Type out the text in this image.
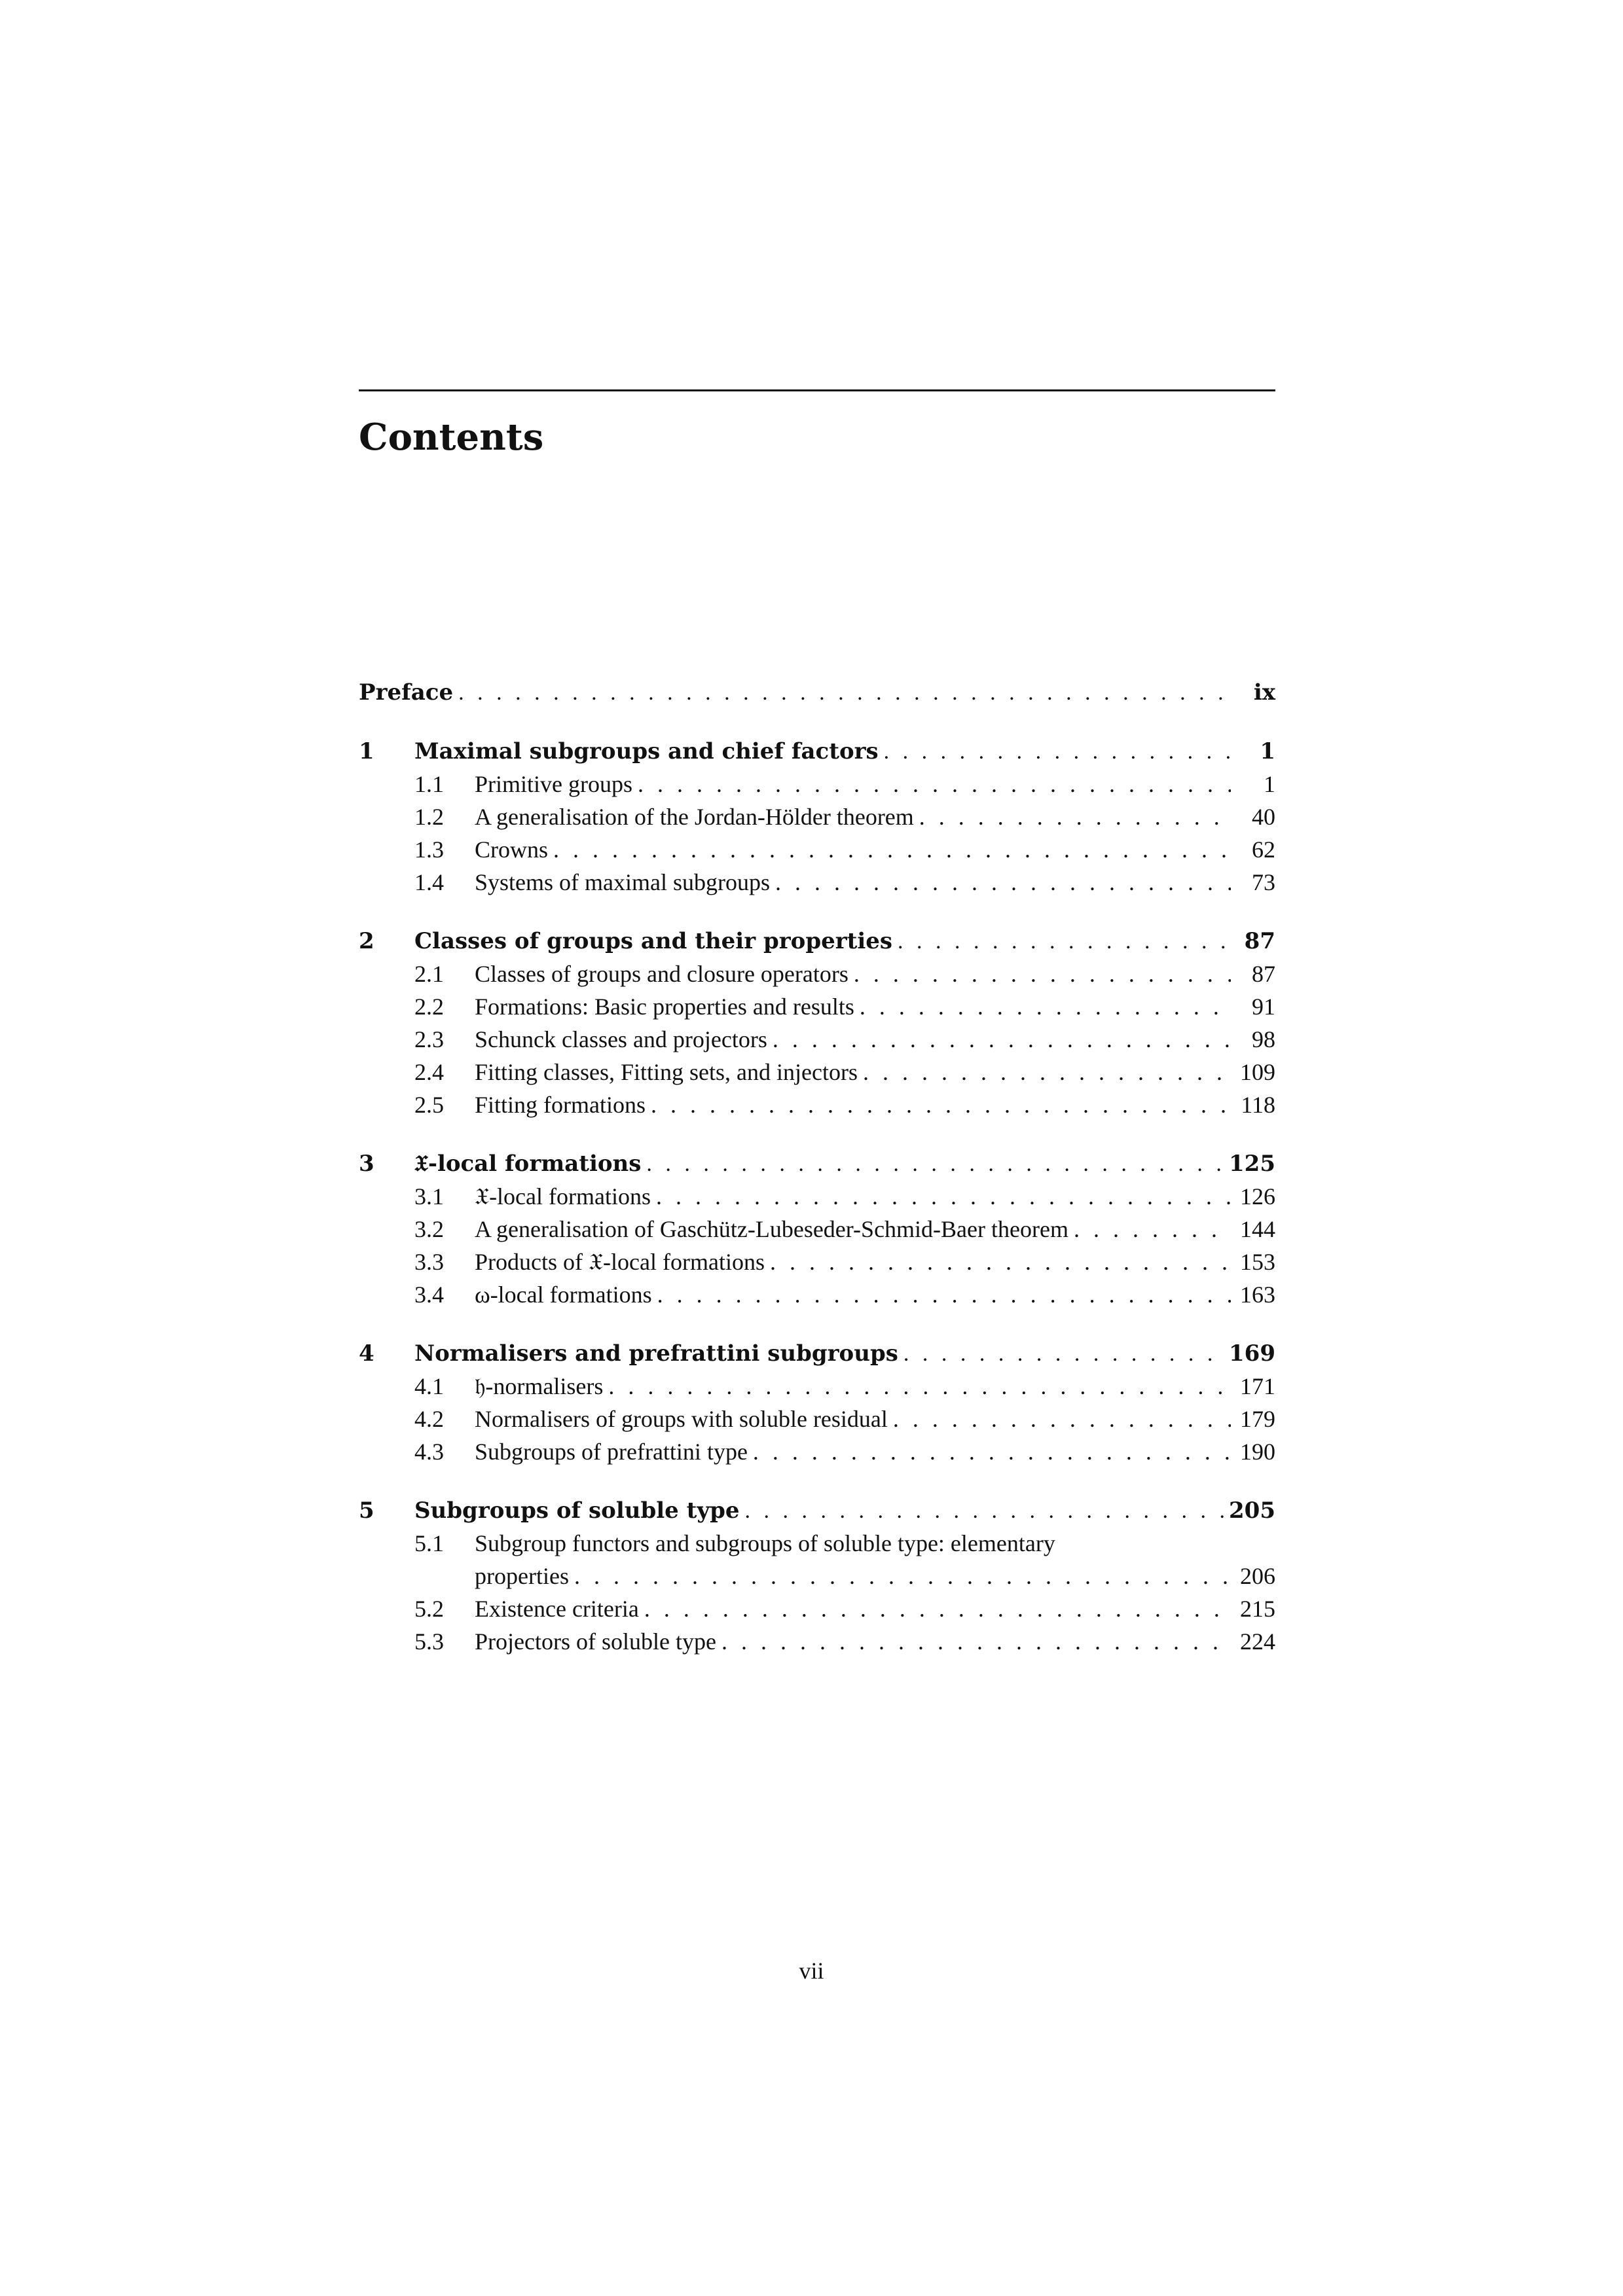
Contents
Preface . . .	ix
1	Maximal subgroups and chief factors . . .	1
1.1	Primitive groups . . .	1
1.2	A generalisation of the Jordan-Hölder theorem . . .	40
1.3	Crowns . . .	62
1.4	Systems of maximal subgroups . . .	73
2	Classes of groups and their properties . . .	87
2.1	Classes of groups and closure operators . . .	87
2.2	Formations: Basic properties and results . . .	91
2.3	Schunck classes and projectors . . .	98
2.4	Fitting classes, Fitting sets, and injectors . . .	109
2.5	Fitting formations . . .	118
3	𝔛-local formations . . .	125
3.1	𝔛-local formations . . .	126
3.2	A generalisation of Gaschütz-Lubeseder-Schmid-Baer theorem . . .	144
3.3	Products of 𝔛-local formations . . .	153
3.4	ω-local formations . . .	163
4	Normalisers and prefrattini subgroups . . .	169
4.1	𝔥-normalisers . . .	171
4.2	Normalisers of groups with soluble residual . . .	179
4.3	Subgroups of prefrattini type . . .	190
5	Subgroups of soluble type . . .	205
5.1	Subgroup functors and subgroups of soluble type: elementary
properties . . .	206
5.2	Existence criteria . . .	215
5.3	Projectors of soluble type . . .	224
vii
